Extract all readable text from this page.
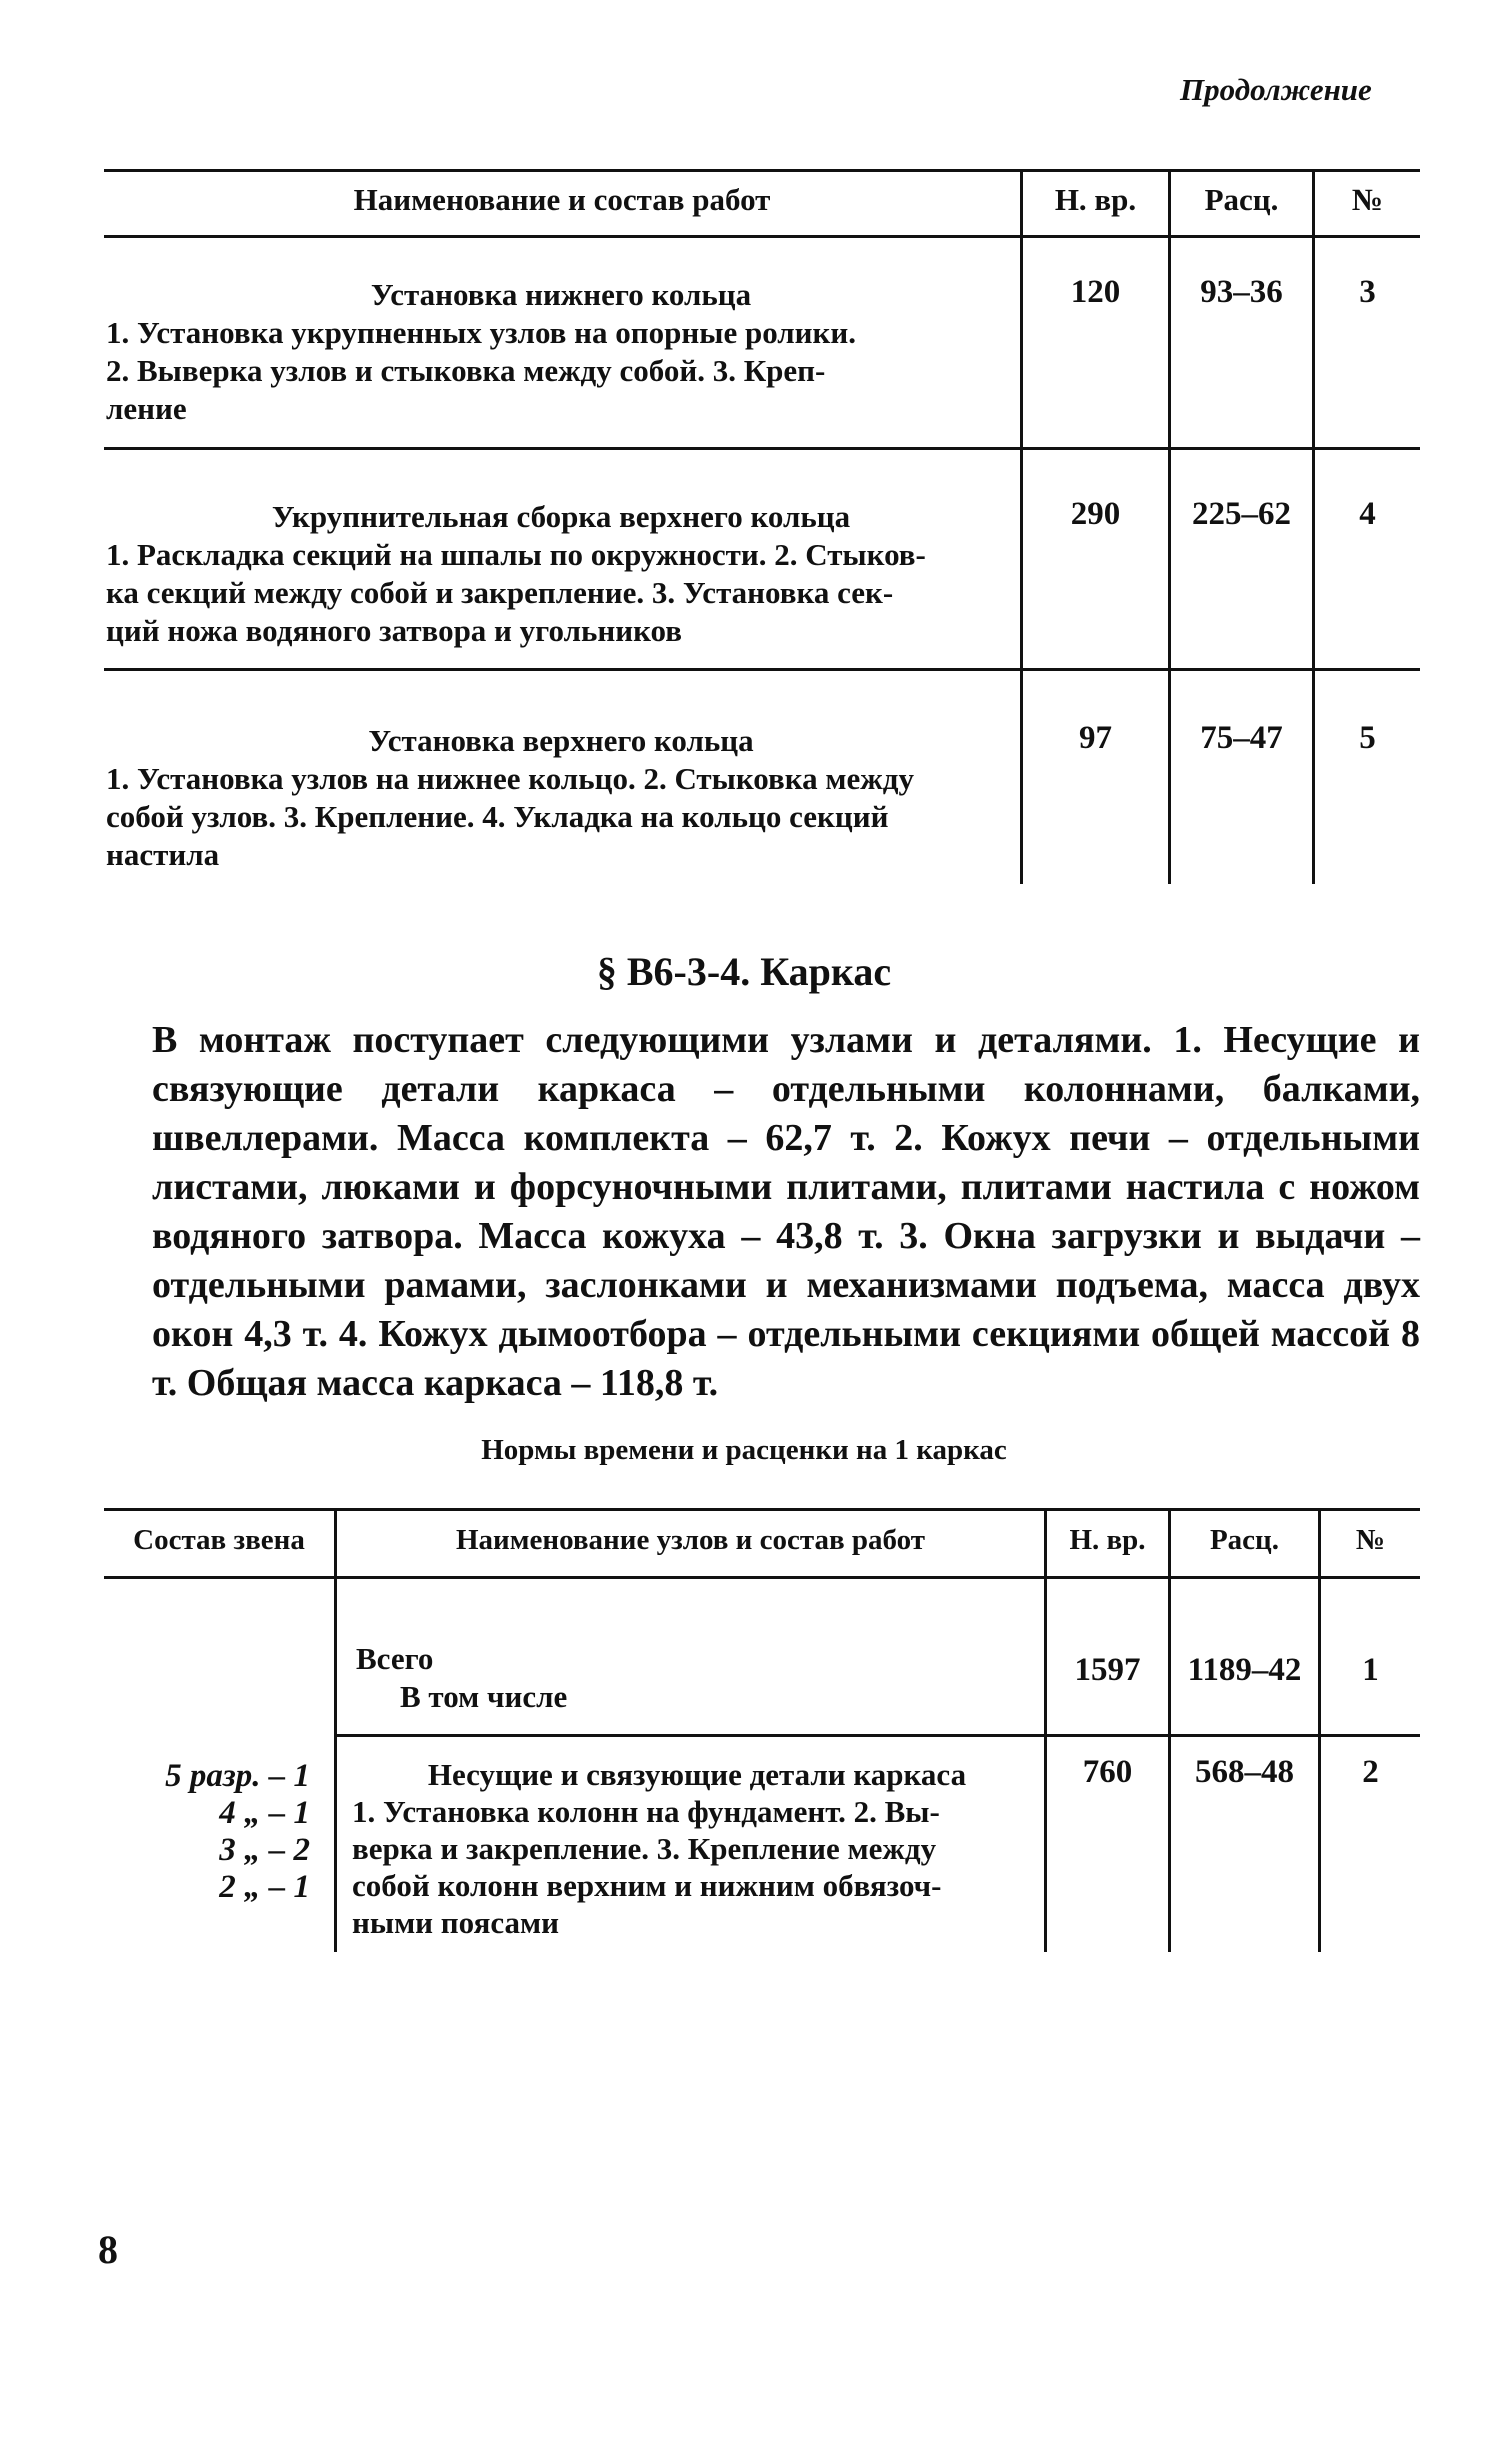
Продолжение
Наименование и состав работ	Н. вр.	Расц.	№
Установка нижнего кольца
1. Установка укрупненных узлов на опорные ролики.
2. Выверка узлов и стыковка между собой. 3. Креп-
ление
120	93–36	3
Укрупнительная сборка верхнего кольца
1. Раскладка секций на шпалы по окружности. 2. Стыков-
ка секций между собой и закрепление. 3. Установка сек-
ций ножа водяного затвора и угольников
290	225–62	4
Установка верхнего кольца
1. Установка узлов на нижнее кольцо. 2. Стыковка между
собой узлов. 3. Крепление. 4. Укладка на кольцо секций
настила
97	75–47	5
§ В6-3-4. Каркас
В монтаж поступает следующими узлами и деталями. 1. Несущие и связующие детали каркаса – отдельными колоннами, балками, швеллерами. Масса комплекта – 62,7 т. 2. Кожух печи – отдельными листами, люками и форсуночными плитами, плитами настила с ножом водяного затвора. Масса кожуха – 43,8 т. 3. Окна загрузки и выдачи – отдельными рамами, заслонками и механизмами подъема, масса двух окон 4,3 т. 4. Кожух дымоотбора – отдельными секциями общей массой 8 т. Общая масса каркаса – 118,8 т.
Нормы времени и расценки на 1 каркас
Состав звена	Наименование узлов и состав работ	Н. вр.	Расц.	№
5 разр. – 1
4 „ – 1
3 „ – 2
2 „ – 1
Всего
В том числе
1597	1189–42	1
Несущие и связующие детали каркаса
1. Установка колонн на фундамент. 2. Вы-
верка и закрепление. 3. Крепление между
собой колонн верхним и нижним обвязоч-
ными поясами
760	568–48	2
8
